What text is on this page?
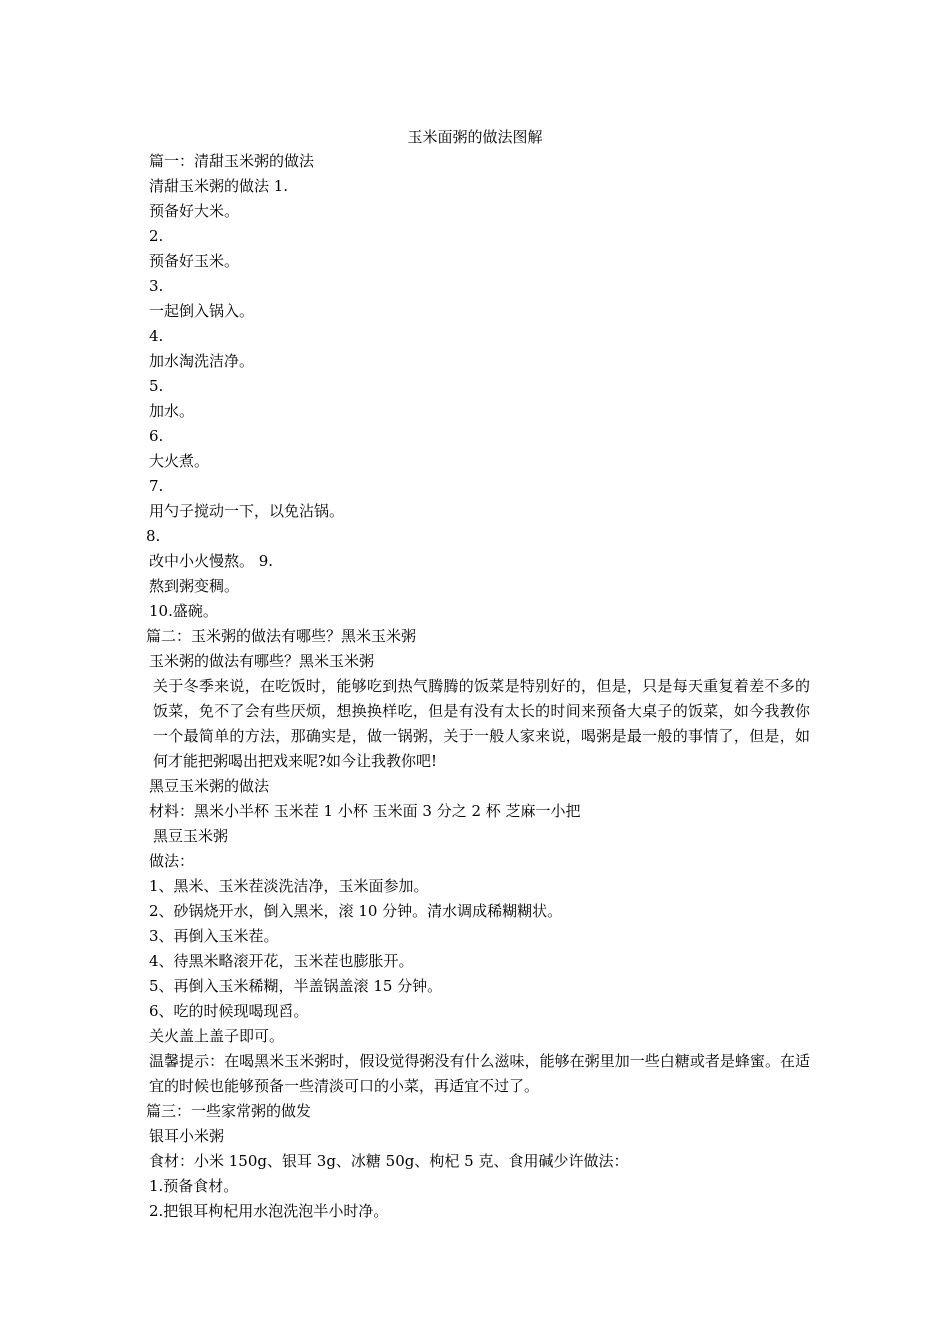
玉米面粥的做法图解
篇一：清甜玉米粥的做法
清甜玉米粥的做法 1.
预备好大米。
2.
预备好玉米。
3.
一起倒入锅入。
4.
加水淘洗洁净。
5.
加水。
6.
大火煮。
7.
用勺子搅动一下，以免沾锅。
8.
改中小火慢熬。 9.
熬到粥变稠。
10.盛碗。
篇二：玉米粥的做法有哪些？黑米玉米粥
玉米粥的做法有哪些？黑米玉米粥
关于冬季来说，在吃饭时，能够吃到热气腾腾的饭菜是特别好的，但是，只是每天重复着差不多的饭菜，免不了会有些厌烦，想换换样吃，但是有没有太长的时间来预备大桌子的饭菜，如今我教你一个最简单的方法，那确实是，做一锅粥，关于一般人家来说，喝粥是最一般的事情了，但是，如何才能把粥喝出把戏来呢?如今让我教你吧!
黑豆玉米粥的做法
材料：黑米小半杯 玉米茬 1 小杯 玉米面 3 分之 2 杯 芝麻一小把
黑豆玉米粥
做法：
1、黑米、玉米茬淡洗洁净，玉米面参加。
2、砂锅烧开水，倒入黑米，滚 10 分钟。清水调成稀糊糊状。
3、再倒入玉米茬。
4、待黑米略滚开花，玉米茬也膨胀开。
5、再倒入玉米稀糊，半盖锅盖滚 15 分钟。
6、吃的时候现喝现舀。
关火盖上盖子即可。
温馨提示：在喝黑米玉米粥时，假设觉得粥没有什么滋味，能够在粥里加一些白糖或者是蜂蜜。在适宜的时候也能够预备一些清淡可口的小菜，再适宜不过了。
篇三：一些家常粥的做发
银耳小米粥
食材：小米 150g、银耳 3g、冰糖 50g、枸杞 5 克、食用碱少许做法：
1.预备食材。
2.把银耳枸杞用水泡洗泡半小时净。
